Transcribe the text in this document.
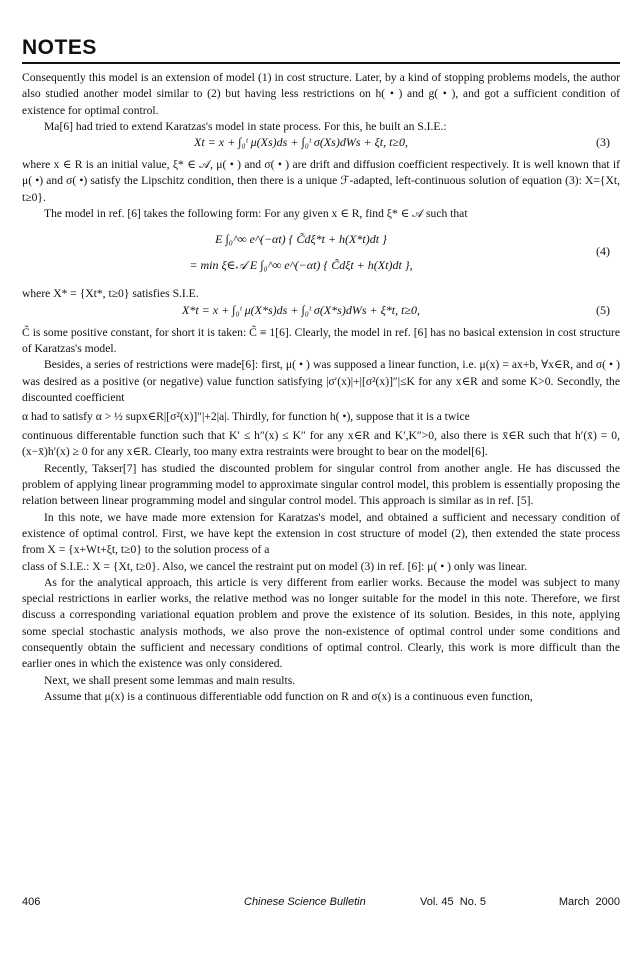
NOTES

Consequently this model is an extension of model (1) in cost structure. Later, by a kind of stopping problems models, the author also studied another model similar to (2) but having less restrictions on h( • ) and g( • ), and got a sufficient condition of existence for optimal control.

Ma[6] had tried to extend Karatzas's model in state process. For this, he built an S.I.E.:

Xt = x + ∫₀ᵗ μ(Xs)ds + ∫₀ᵗ σ(Xs)dWs + ξt, t≥0,	(3)

where x ∈ R is an initial value, ξ* ∈ 𝒜, μ( • ) and σ( • ) are drift and diffusion coefficient respectively. It is well known that if μ( •) and σ( •) satisfy the Lipschitz condition, then there is a unique ℱ-adapted, left-continuous solution of equation (3): X={Xt, t≥0}.

The model in ref. [6] takes the following form: For any given x ∈ R, find ξ* ∈ 𝒜 such that

E ∫₀^∞ e^(−αt) { C̃dξ*t + h(X*t)dt }
= min ξ∈𝒜 E ∫₀^∞ e^(−αt) { C̃dξt + h(Xt)dt },
(4)

where X* = {Xt*, t≥0} satisfies S.I.E.

X*t = x + ∫₀ᵗ μ(X*s)ds + ∫₀ᵗ σ(X*s)dWs + ξ*t, t≥0,	(5)

C̃ is some positive constant, for short it is taken: C̃ ≡ 1[6]. Clearly, the model in ref. [6] has no basical extension in cost structure of Karatzas's model.

Besides, a series of restrictions were made[6]: first, μ( • ) was supposed a linear function, i.e. μ(x) = ax+b, ∀x∈R, and σ( • ) was desired as a positive (or negative) value function satisfying |σ′(x)|+|[σ²(x)]″|≤K for any x∈R and some K>0. Secondly, the discounted coefficient

α had to satisfy α > ½ supx∈R|[σ²(x)]″|+2|a|. Thirdly, for function h( •), suppose that it is a twice

continuous differentable function such that K′ ≤ h″(x) ≤ K″ for any x∈R and K′,K″>0, also there is x̄∈R such that h′(x̄) = 0, (x−x̄)h′(x) ≥ 0 for any x∈R. Clearly, too many extra restraints were brought to bear on the model[6].

Recently, Takser[7] has studied the discounted problem for singular control from another angle. He has discussed the problem of applying linear programming model to approximate singular control model, this problem is essentially proposing the relation between linear programming model and singular control model. This approach is similar as in ref. [5].

In this note, we have made more extension for Karatzas's model, and obtained a sufficient and necessary condition of existence of optimal control. First, we have kept the extension in cost structure of model (2), then extended the state process from X = {x+Wt+ξt, t≥0} to the solution process of a

class of S.I.E.: X = {Xt, t≥0}. Also, we cancel the restraint put on model (3) in ref. [6]: μ( • ) only was linear.

As for the analytical approach, this article is very different from earlier works. Because the model was subject to many special restrictions in earlier works, the relative method was no longer suitable for the model in this note. Therefore, we first discuss a corresponding variational equation problem and prove the existence of its solution. Besides, in this note, applying some special stochastic analysis mothods, we also prove the non-existence of optimal control under some conditions and consequently obtain the sufficient and necessary conditions of optimal control. Clearly, this work is more difficult than the earlier ones in which the existence was only considered.

Next, we shall present some lemmas and main results.

Assume that μ(x) is a continuous differentiable odd function on R and σ(x) is a continuous even function,

406	Chinese Science Bulletin	Vol. 45  No. 5	March  2000
